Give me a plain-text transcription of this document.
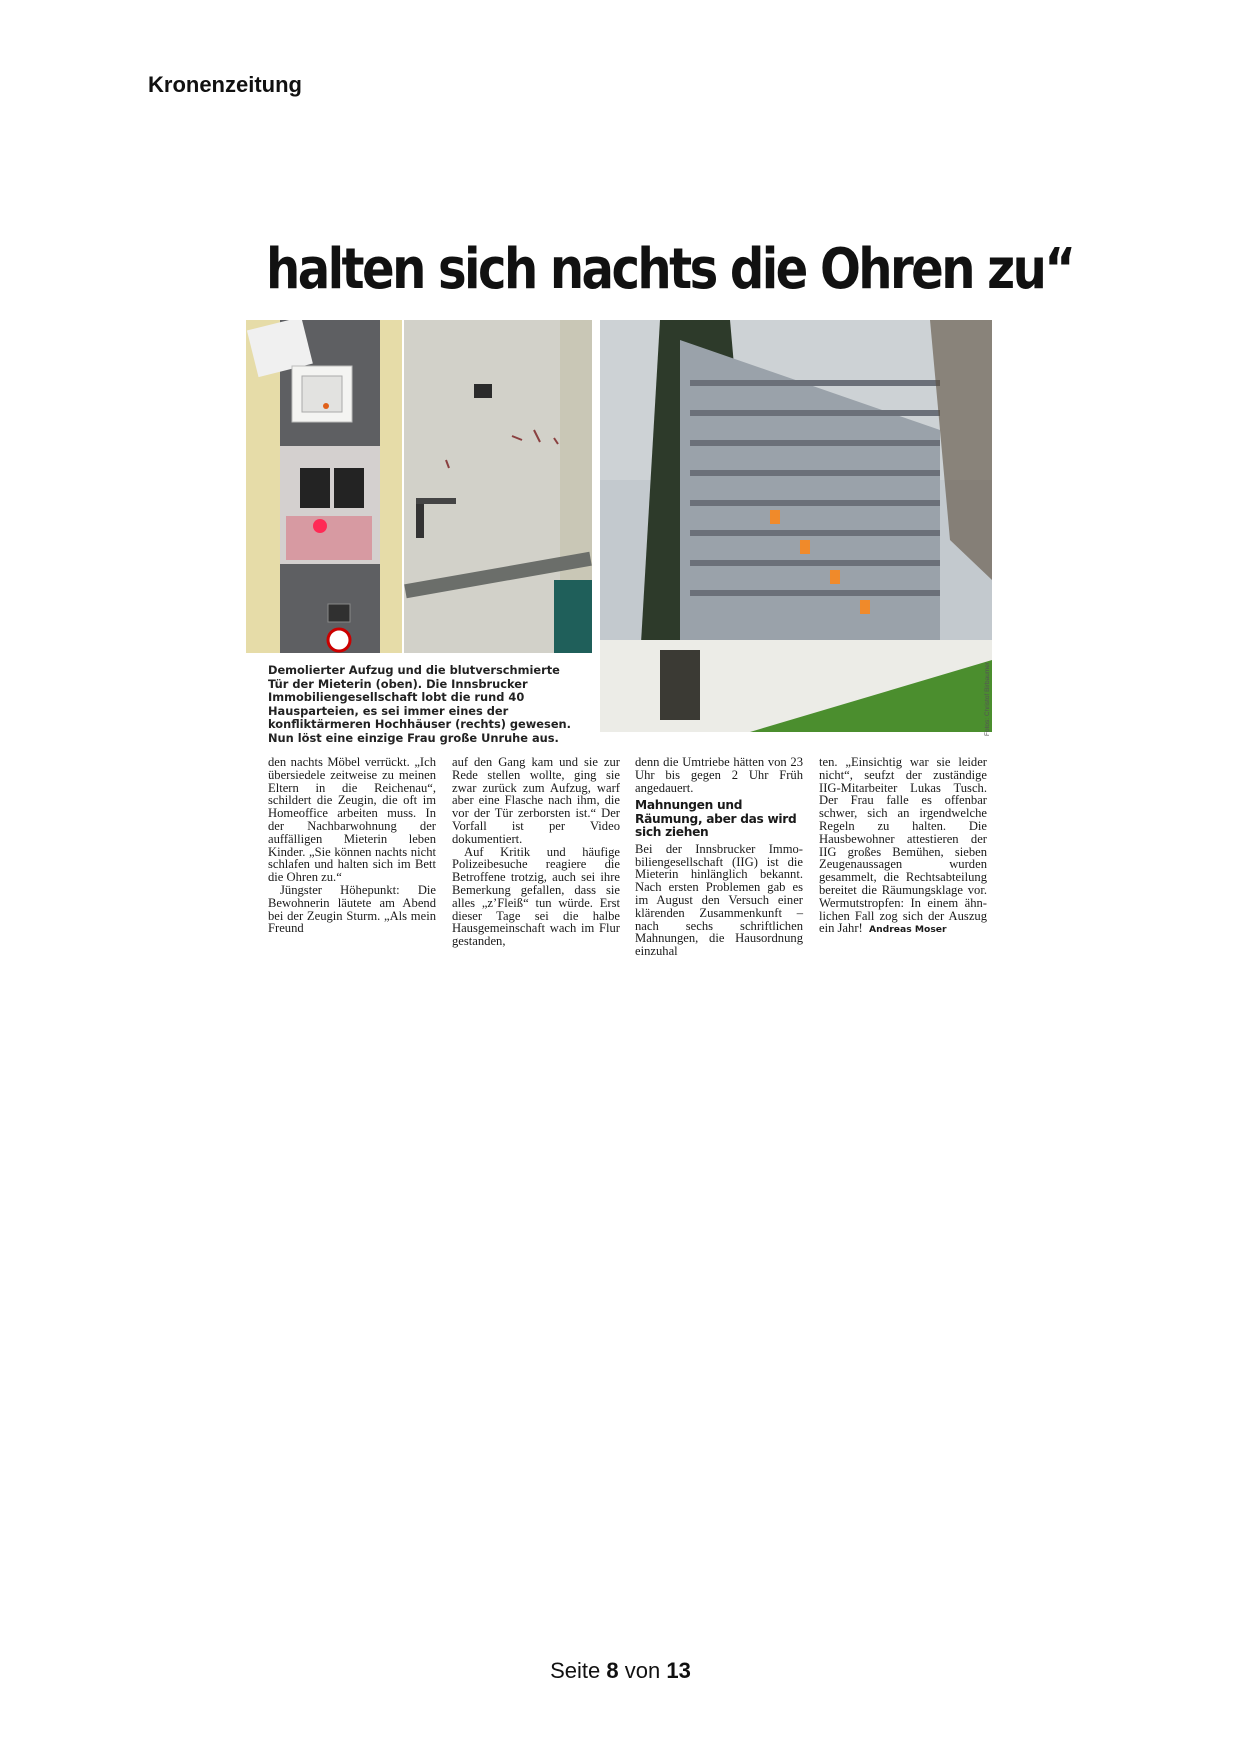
Kronenzeitung
halten sich nachts die Ohren zu“
Fotos: Christof Birbaumer
Demolierter Aufzug und die blutverschmierte Tür der Mieterin (oben). Die Innsbrucker Immobiliengesellschaft lobt die rund 40 Hausparteien, es sei immer eines der konfliktärmeren Hochhäuser (rechts) gewesen. Nun löst eine einzige Frau große Unruhe aus.

den nachts Möbel verrückt. „Ich übersiedele zeitweise zu meinen Eltern in die Reichenau“, schildert die Zeugin, die oft im Homeoffice arbeiten muss. In der Nachbarwohnung der auffälligen Mieterin leben Kinder. „Sie können nachts nicht schlafen und halten sich im Bett die Ohren zu.“

Jüngster Höhepunkt: Die Bewohnerin läutete am Abend bei der Zeugin Sturm. „Als mein Freund

auf den Gang kam und sie zur Rede stellen wollte, ging sie zwar zurück zum Aufzug, warf aber eine Flasche nach ihm, die vor der Tür zerborsten ist.“ Der Vorfall ist per Video dokumentiert.

Auf Kritik und häufige Polizeibesuche reagiere die Betroffene trotzig, auch sei ihre Bemerkung gefallen, dass sie alles „z’Fleiß“ tun würde. Erst dieser Tage sei die halbe Hausgemeinschaft wach im Flur gestanden,

denn die Umtriebe hätten von 23 Uhr bis gegen 2 Uhr Früh angedauert.

Mahnungen und Räumung, aber das wird sich ziehen

Bei der Innsbrucker Immobiliengesellschaft (IIG) ist die Mieterin hinlänglich bekannt. Nach ersten Problemen gab es im August den Versuch einer klärenden Zusammenkunft – nach sechs schriftlichen Mahnungen, die Hausordnung einzuhal

ten. „Einsichtig war sie leider nicht“, seufzt der zuständige IIG-Mitarbeiter Lukas Tusch. Der Frau falle es offenbar schwer, sich an irgendwelche Regeln zu halten. Die Hausbewohner attestieren der IIG großes Bemühen, sieben Zeugenaussagen wurden gesammelt, die Rechtsabteilung bereitet die Räumungsklage vor. Wermutstropfen: In einem ähnlichen Fall zog sich der Auszug ein Jahr! Andreas Moser

Seite 8 von 13
